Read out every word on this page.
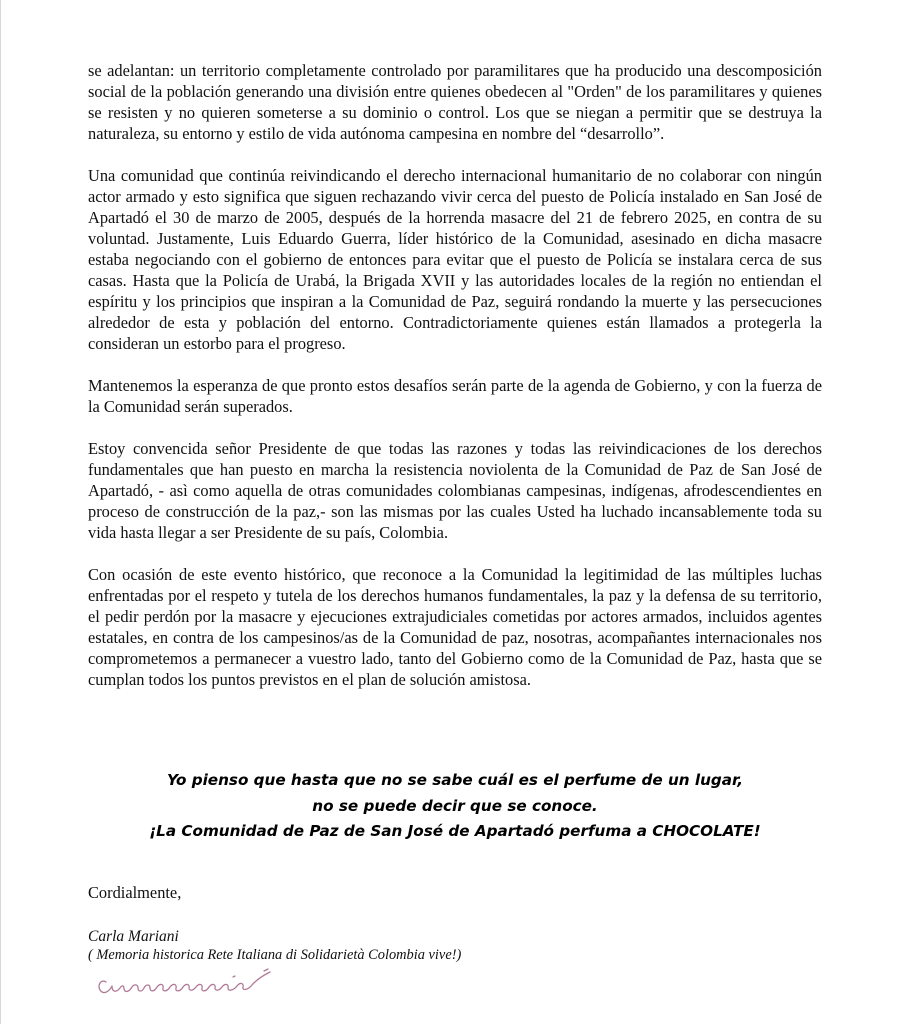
se adelantan: un territorio completamente controlado por paramilitares que ha producido una descomposición social de la población generando una división entre quienes obedecen al "Orden" de los paramilitares y quienes se resisten y no quieren someterse a su dominio o control. Los que se niegan a permitir que se destruya la naturaleza, su entorno y estilo de vida autónoma campesina en nombre del “desarrollo”.

Una comunidad que continúa reivindicando el derecho internacional humanitario de no colaborar con ningún actor armado y esto significa que siguen rechazando vivir cerca del puesto de Policía instalado en San José de Apartadó el 30 de marzo de 2005, después de la horrenda masacre del 21 de febrero 2025, en contra de su voluntad. Justamente, Luis Eduardo Guerra, líder histórico de la Comunidad, asesinado en dicha masacre estaba negociando con el gobierno de entonces para evitar que el puesto de Policía se instalara cerca de sus casas. Hasta que la Policía de Urabá, la Brigada XVII y las autoridades locales de la región no entiendan el espíritu y los principios que inspiran a la Comunidad de Paz, seguirá rondando la muerte y las persecuciones alrededor de esta y población del entorno. Contradictoriamente quienes están llamados a protegerla la consideran un estorbo para el progreso.

Mantenemos la esperanza de que pronto estos desafíos serán parte de la agenda de Gobierno, y con la fuerza de la Comunidad serán superados.

Estoy convencida señor Presidente de que todas las razones y todas las reivindicaciones de los derechos fundamentales que han puesto en marcha la resistencia noviolenta de la Comunidad de Paz de San José de Apartadó, - asì como aquella de otras comunidades colombianas campesinas, indígenas, afrodescendientes en proceso de construcción de la paz,- son las mismas por las cuales Usted ha luchado incansablemente toda su vida hasta llegar a ser Presidente de su país, Colombia.

Con ocasión de este evento histórico, que reconoce a la Comunidad la legitimidad de las múltiples luchas enfrentadas por el respeto y tutela de los derechos humanos fundamentales, la paz y la defensa de su territorio, el pedir perdón por la masacre y ejecuciones extrajudiciales cometidas por actores armados, incluidos agentes estatales, en contra de los campesinos/as de la Comunidad de paz, nosotras, acompañantes internacionales nos comprometemos a permanecer a vuestro lado, tanto del Gobierno como de la Comunidad de Paz, hasta que se cumplan todos los puntos previstos en el plan de solución amistosa.

Yo pienso que hasta que no se sabe cuál es el perfume de un lugar,
no se puede decir que se conoce.
¡La Comunidad de Paz de San José de Apartadó perfuma a CHOCOLATE!
Cordialmente,
Carla Mariani
( Memoria historica Rete Italiana di Solidarietà Colombia vive!)
